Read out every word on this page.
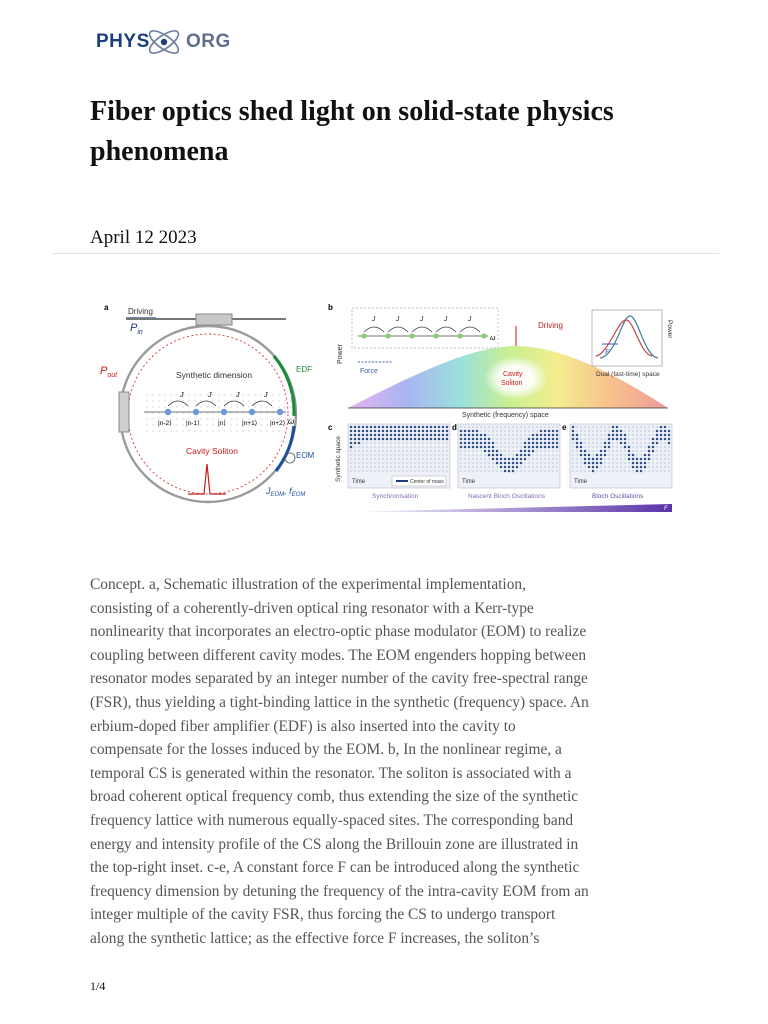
PHYS ORG
Fiber optics shed light on solid-state physics phenomena
April 12 2023
a Driving
$P_{in}$
$P_{out}$
EDF
EOM
Synthetic dimension
ω
J	J	J	J
|n-2⟩ |n-1⟩	|n⟩ |n+1⟩ |n+2⟩
Cavity Soliton
$J_{EOM}$, $f_{EOM}$
b
Power
Cavity
Soliton
Driving
Synthetic (frequency) space
ω
J	J	J	J	J
Force
F
Power
Dual (fast-time) space
c	d	e
Synthetic space Time	Time	Time
Center of mass
Synchronisation	Nascent Bloch Oscillations	Bloch Oscillations
F

Concept. a, Schematic illustration of the experimental implementation,
consisting of a coherently-driven optical ring resonator with a Kerr-type
nonlinearity that incorporates an electro-optic phase modulator (EOM) to realize
coupling between different cavity modes. The EOM engenders hopping between
resonator modes separated by an integer number of the cavity free-spectral range
(FSR), thus yielding a tight-binding lattice in the synthetic (frequency) space. An
erbium-doped fiber amplifier (EDF) is also inserted into the cavity to
compensate for the losses induced by the EOM. b, In the nonlinear regime, a
temporal CS is generated within the resonator. The soliton is associated with a
broad coherent optical frequency comb, thus extending the size of the synthetic
frequency lattice with numerous equally-spaced sites. The corresponding band
energy and intensity profile of the CS along the Brillouin zone are illustrated in
the top-right inset. c-e, A constant force F can be introduced along the synthetic
frequency dimension by detuning the frequency of the intra-cavity EOM from an
integer multiple of the cavity FSR, thus forcing the CS to undergo transport
along the synthetic lattice; as the effective force F increases, the soliton’s

1/4
